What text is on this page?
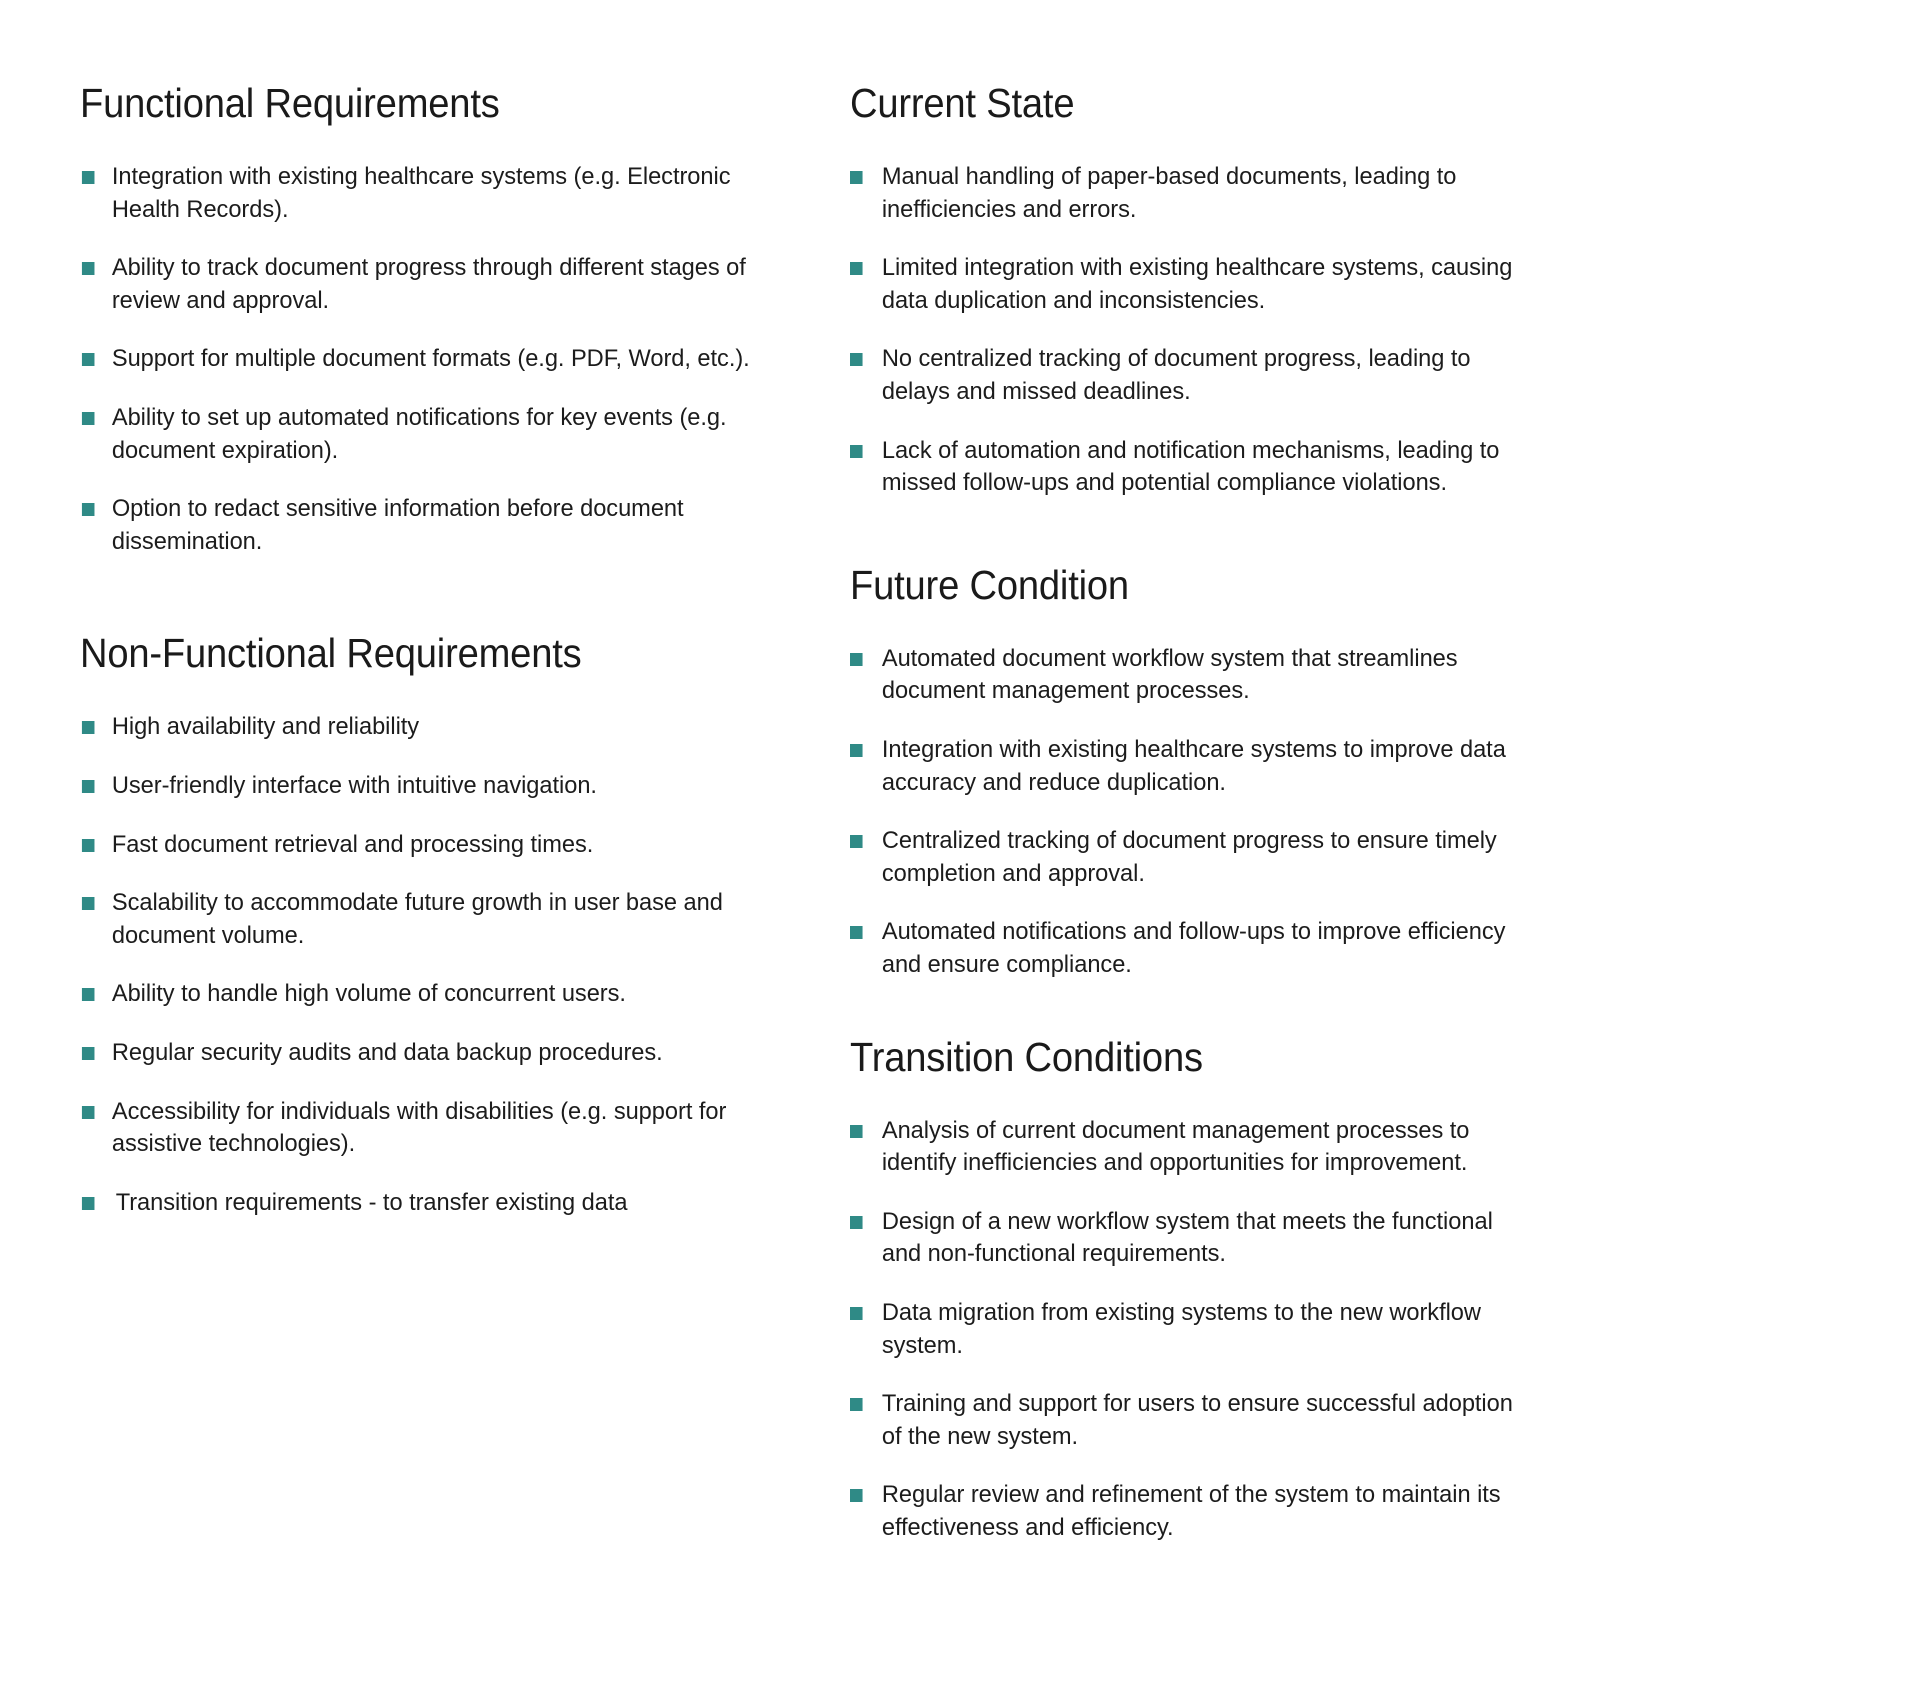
Functional Requirements
Integration with existing healthcare systems (e.g. Electronic Health Records).
Ability to track document progress through different stages of review and approval.
Support for multiple document formats (e.g. PDF, Word, etc.).
Ability to set up automated notifications for key events (e.g. document expiration).
Option to redact sensitive information before document dissemination.
Non-Functional Requirements
High availability and reliability
User-friendly interface with intuitive navigation.
Fast document retrieval and processing times.
Scalability to accommodate future growth in user base and document volume.
Ability to handle high volume of concurrent users.
Regular security audits and data backup procedures.
Accessibility for individuals with disabilities (e.g. support for assistive technologies).
Transition requirements - to transfer existing data
Current State
Manual handling of paper-based documents, leading to inefficiencies and errors.
Limited integration with existing healthcare systems, causing data duplication and inconsistencies.
No centralized tracking of document progress, leading to delays and missed deadlines.
Lack of automation and notification mechanisms, leading to missed follow-ups and potential compliance violations.
Future Condition
Automated document workflow system that streamlines document management processes.
Integration with existing healthcare systems to improve data accuracy and reduce duplication.
Centralized tracking of document progress to ensure timely completion and approval.
Automated notifications and follow-ups to improve efficiency and ensure compliance.
Transition Conditions
Analysis of current document management processes to identify inefficiencies and opportunities for improvement.
Design of a new workflow system that meets the functional and non-functional requirements.
Data migration from existing systems to the new workflow system.
Training and support for users to ensure successful adoption of the new system.
Regular review and refinement of the system to maintain its effectiveness and efficiency.
